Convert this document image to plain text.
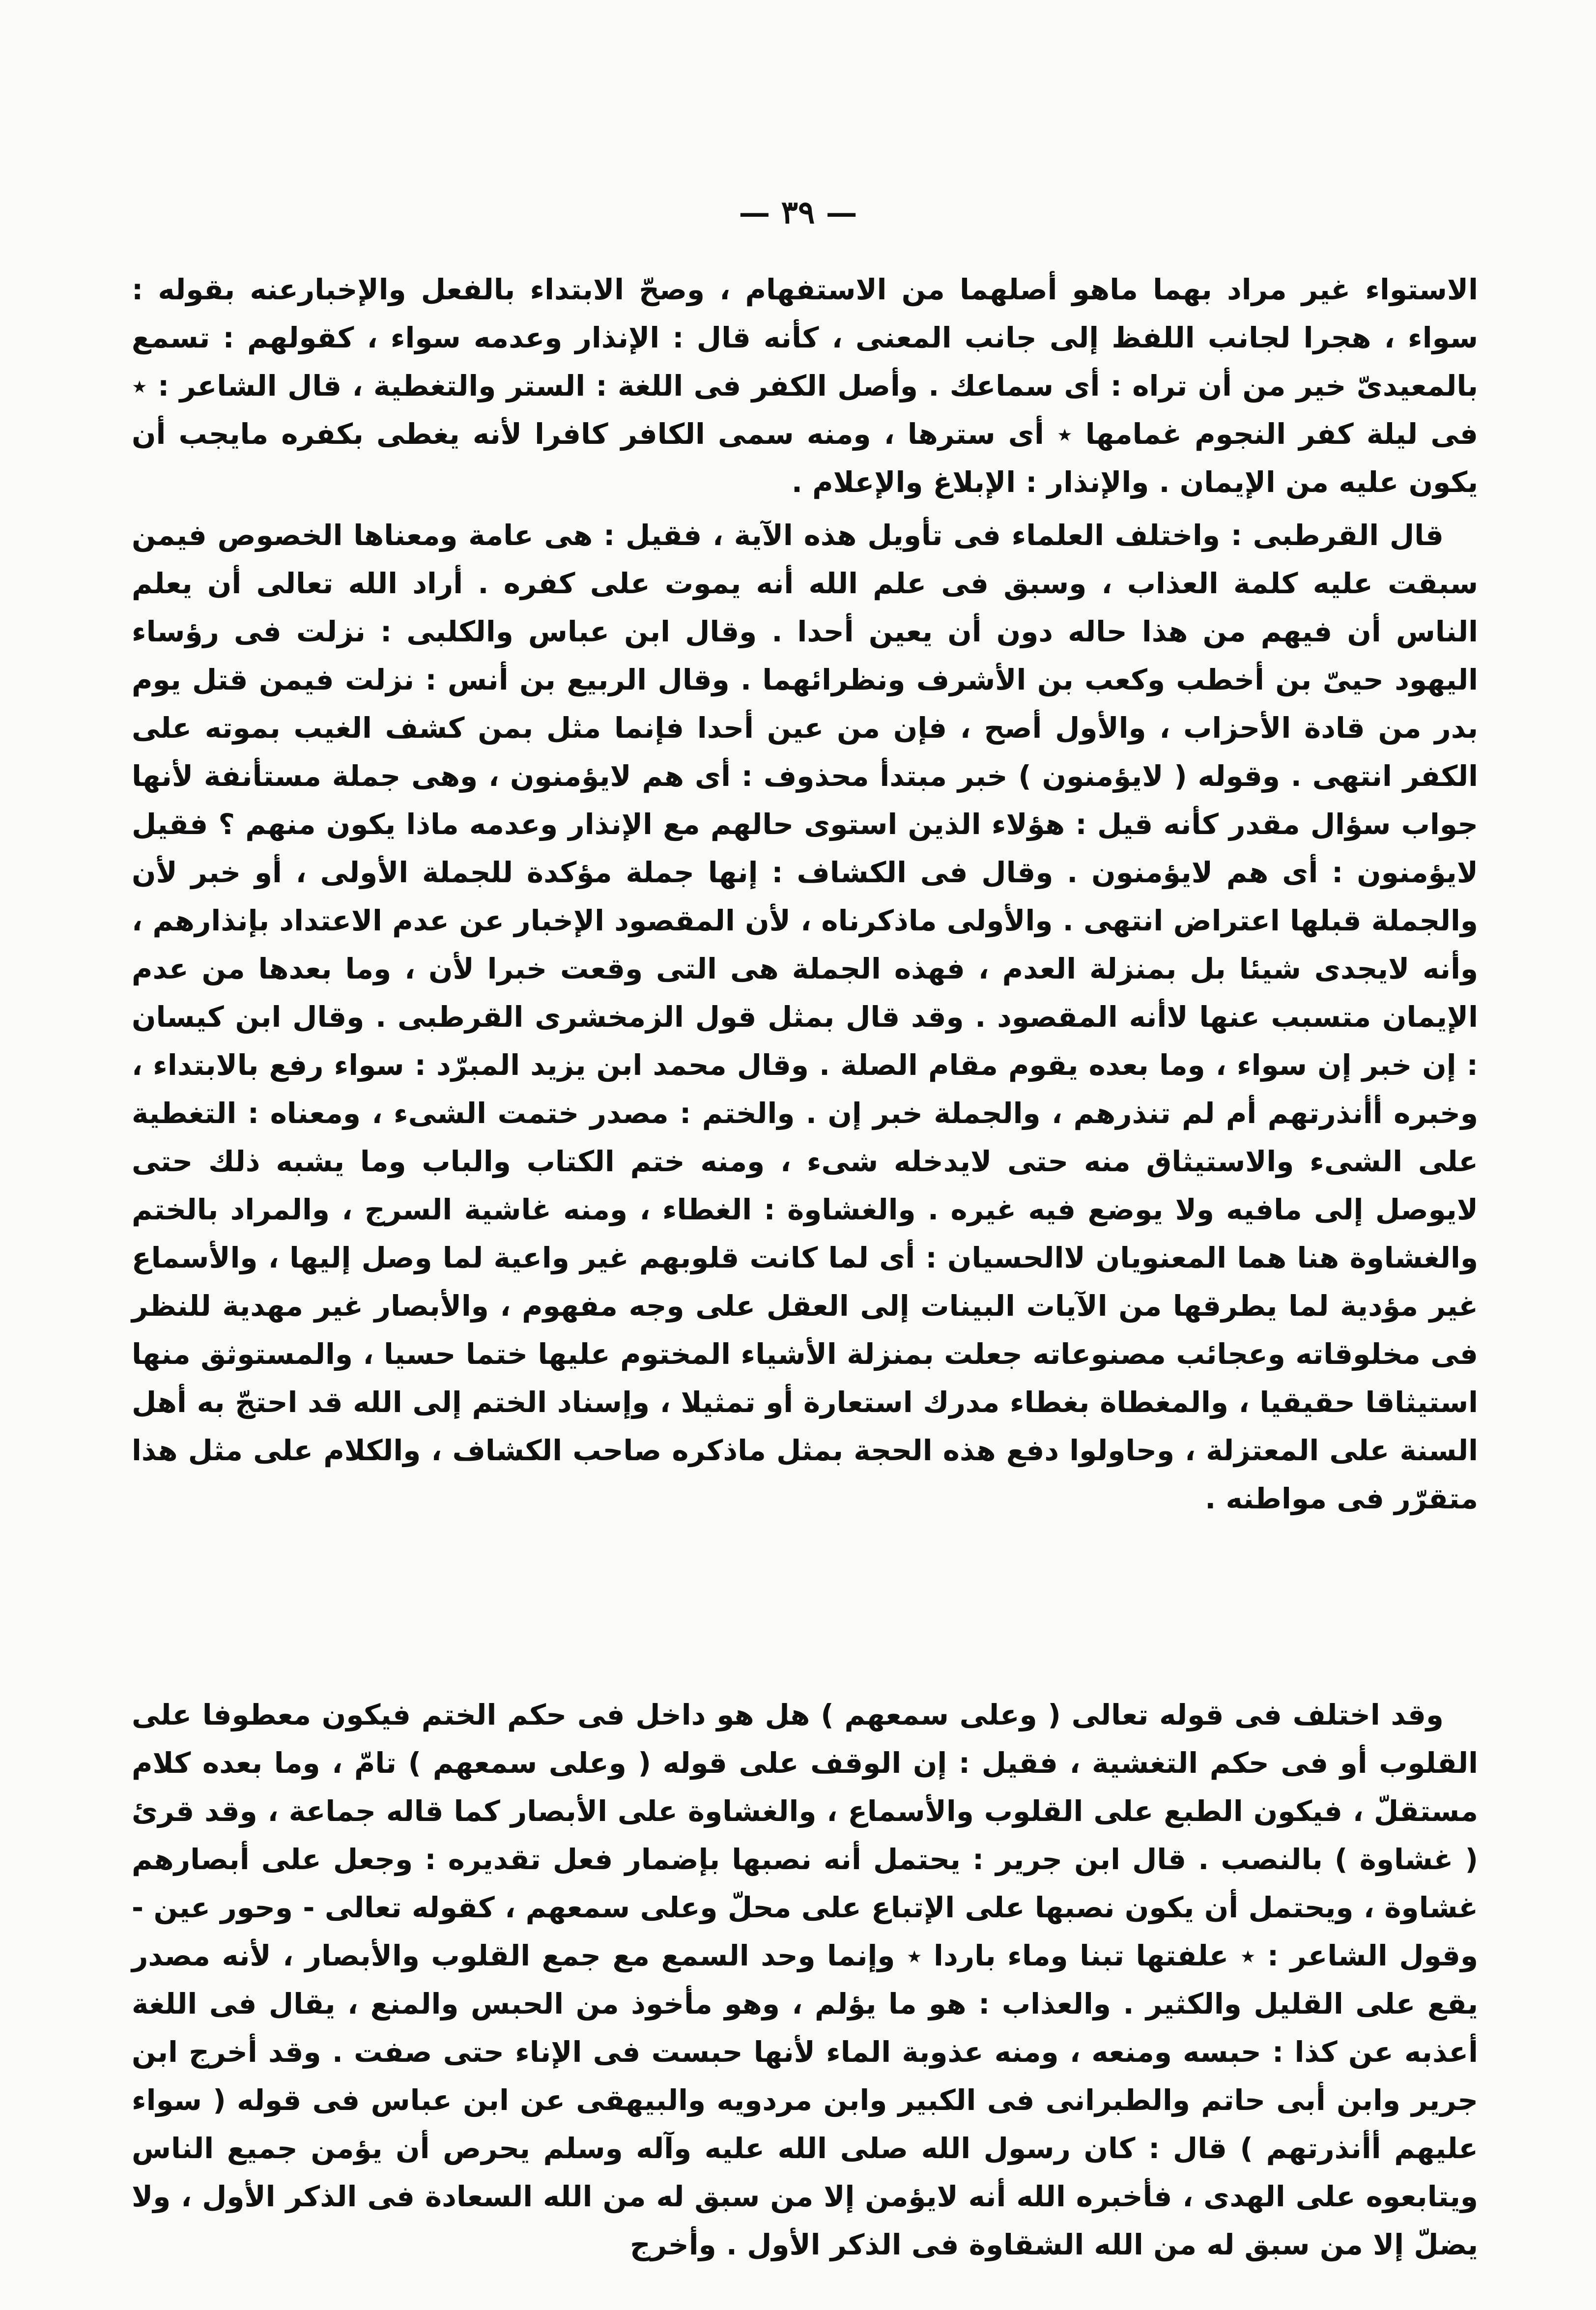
— ٣٩ —

الاستواء غير مراد بهما ماهو أصلهما من الاستفهام ، وصحّ الابتداء بالفعل والإخبارعنه بقوله : سواء ، هجرا لجانب اللفظ إلى جانب المعنى ، كأنه قال : الإنذار وعدمه سواء ، كقولهم : تسمع بالمعيدىّ خير من أن تراه : أى سماعك . وأصل الكفر فى اللغة : الستر والتغطية ، قال الشاعر : ٭ فى ليلة كفر النجوم غمامها ٭ أى سترها ، ومنه سمى الكافر كافرا لأنه يغطى بكفره مايجب أن يكون عليه من الإيمان . والإنذار : الإبلاغ والإعلام .

قال القرطبى : واختلف العلماء فى تأويل هذه الآية ، فقيل : هى عامة ومعناها الخصوص فيمن سبقت عليه كلمة العذاب ، وسبق فى علم الله أنه يموت على كفره . أراد الله تعالى أن يعلم الناس أن فيهم من هذا حاله دون أن يعين أحدا . وقال ابن عباس والكلبى : نزلت فى رؤساء اليهود حيىّ بن أخطب وكعب بن الأشرف ونظرائهما . وقال الربيع بن أنس : نزلت فيمن قتل يوم بدر من قادة الأحزاب ، والأول أصح ، فإن من عين أحدا فإنما مثل بمن كشف الغيب بموته على الكفر انتهى . وقوله ( لايؤمنون ) خبر مبتدأ محذوف : أى هم لايؤمنون ، وهى جملة مستأنفة لأنها جواب سؤال مقدر كأنه قيل : هؤلاء الذين استوى حالهم مع الإنذار وعدمه ماذا يكون منهم ؟ فقيل لايؤمنون : أى هم لايؤمنون . وقال فى الكشاف : إنها جملة مؤكدة للجملة الأولى ، أو خبر لأن والجملة قبلها اعتراض انتهى . والأولى ماذكرناه ، لأن المقصود الإخبار عن عدم الاعتداد بإنذارهم ، وأنه لايجدى شيئا بل بمنزلة العدم ، فهذه الجملة هى التى وقعت خبرا لأن ، وما بعدها من عدم الإيمان متسبب عنها لاأنه المقصود . وقد قال بمثل قول الزمخشرى القرطبى . وقال ابن كيسان : إن خبر إن سواء ، وما بعده يقوم مقام الصلة . وقال محمد ابن يزيد المبرّد : سواء رفع بالابتداء ، وخبره أأنذرتهم أم لم تنذرهم ، والجملة خبر إن . والختم : مصدر ختمت الشىء ، ومعناه : التغطية على الشىء والاستيثاق منه حتى لايدخله شىء ، ومنه ختم الكتاب والباب وما يشبه ذلك حتى لايوصل إلى مافيه ولا يوضع فيه غيره . والغشاوة : الغطاء ، ومنه غاشية السرج ، والمراد بالختم والغشاوة هنا هما المعنويان لاالحسيان : أى لما كانت قلوبهم غير واعية لما وصل إليها ، والأسماع غير مؤدية لما يطرقها من الآيات البينات إلى العقل على وجه مفهوم ، والأبصار غير مهدية للنظر فى مخلوقاته وعجائب مصنوعاته جعلت بمنزلة الأشياء المختوم عليها ختما حسيا ، والمستوثق منها استيثاقا حقيقيا ، والمغطاة بغطاء مدرك استعارة أو تمثيلا ، وإسناد الختم إلى الله قد احتجّ به أهل السنة على المعتزلة ، وحاولوا دفع هذه الحجة بمثل ماذكره صاحب الكشاف ، والكلام على مثل هذا متقرّر فى مواطنه .

وقد اختلف فى قوله تعالى ( وعلى سمعهم ) هل هو داخل فى حكم الختم فيكون معطوفا على القلوب أو فى حكم التغشية ، فقيل : إن الوقف على قوله ( وعلى سمعهم ) تامّ ، وما بعده كلام مستقلّ ، فيكون الطبع على القلوب والأسماع ، والغشاوة على الأبصار كما قاله جماعة ، وقد قرئ ( غشاوة ) بالنصب . قال ابن جرير : يحتمل أنه نصبها بإضمار فعل تقديره : وجعل على أبصارهم غشاوة ، ويحتمل أن يكون نصبها على الإتباع على محلّ وعلى سمعهم ، كقوله تعالى - وحور عين - وقول الشاعر : ٭ علفتها تبنا وماء باردا ٭ وإنما وحد السمع مع جمع القلوب والأبصار ، لأنه مصدر يقع على القليل والكثير . والعذاب : هو ما يؤلم ، وهو مأخوذ من الحبس والمنع ، يقال فى اللغة أعذبه عن كذا : حبسه ومنعه ، ومنه عذوبة الماء لأنها حبست فى الإناء حتى صفت . وقد أخرج ابن جرير وابن أبى حاتم والطبرانى فى الكبير وابن مردويه والبيهقى عن ابن عباس فى قوله ( سواء عليهم أأنذرتهم ) قال : كان رسول الله صلى الله عليه وآله وسلم يحرص أن يؤمن جميع الناس ويتابعوه على الهدى ، فأخبره الله أنه لايؤمن إلا من سبق له من الله السعادة فى الذكر الأول ، ولا يضلّ إلا من سبق له من الله الشقاوة فى الذكر الأول . وأخرج
